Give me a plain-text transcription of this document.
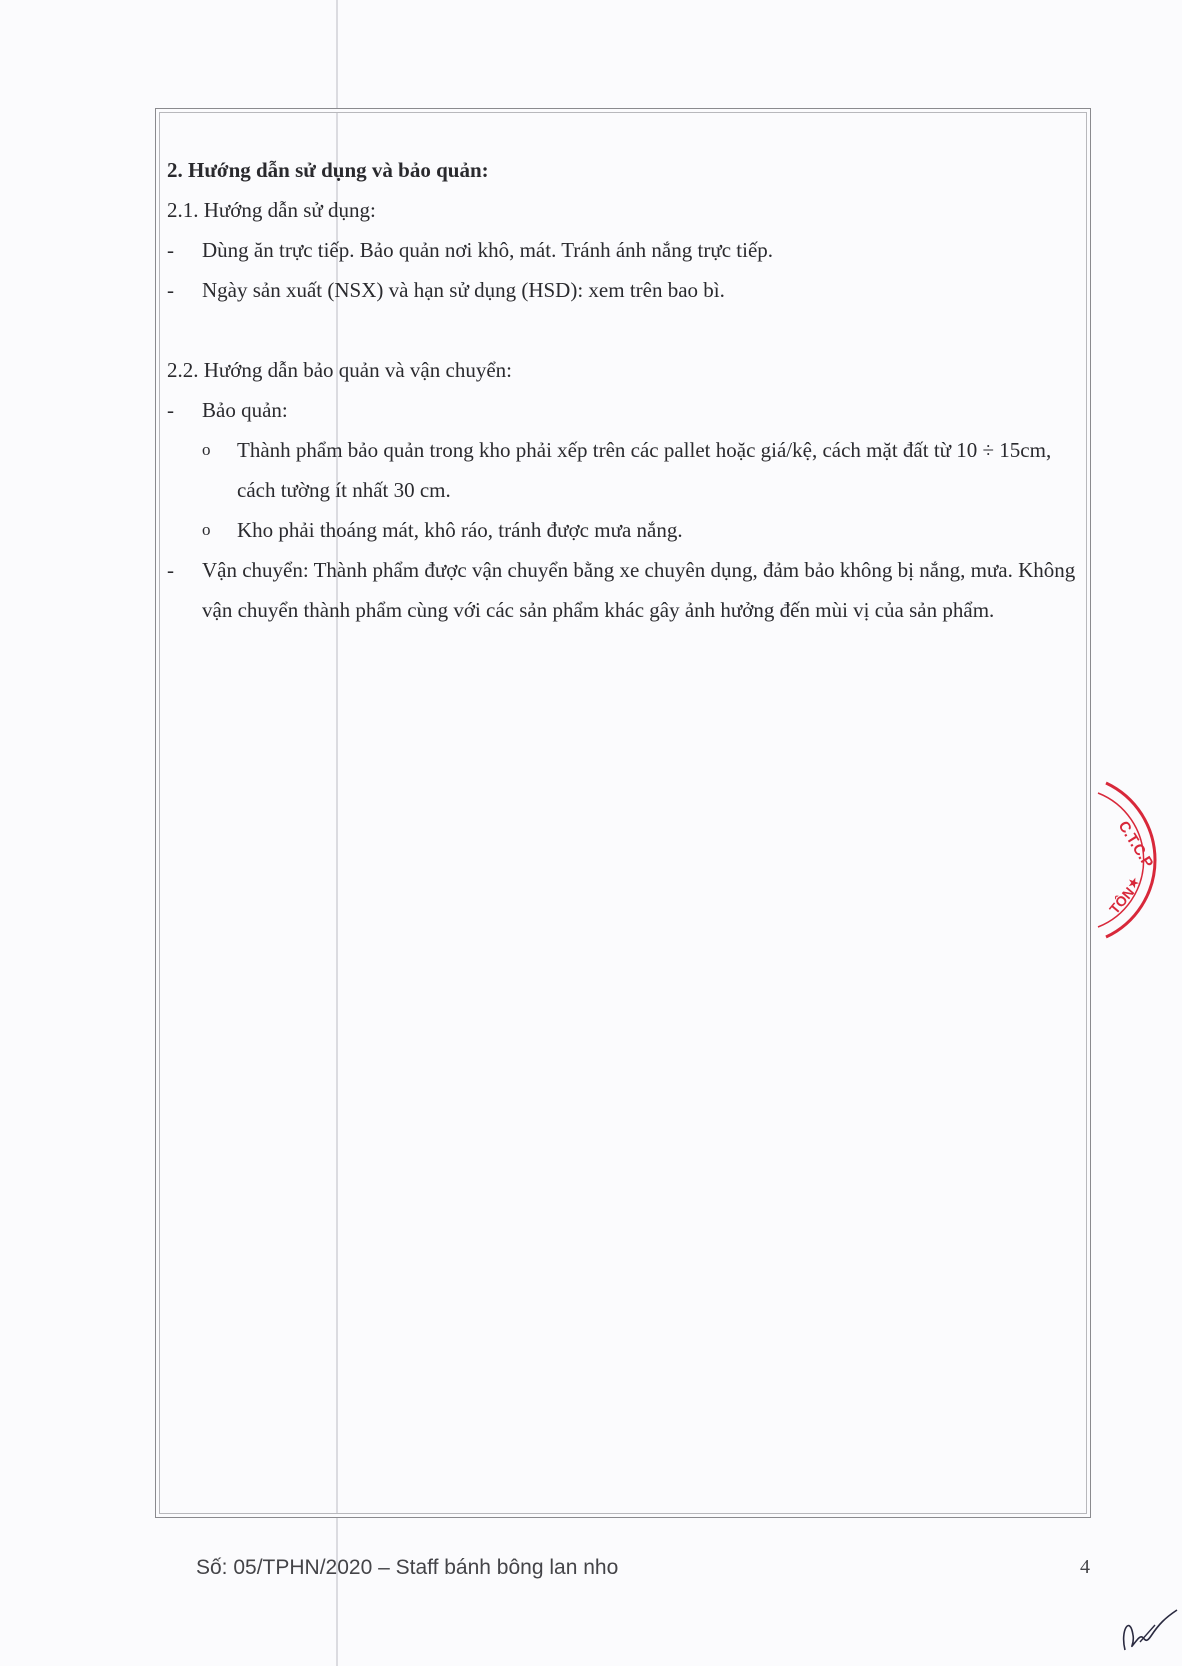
2. Hướng dẫn sử dụng và bảo quản:
2.1. Hướng dẫn sử dụng:
- Dùng ăn trực tiếp. Bảo quản nơi khô, mát. Tránh ánh nắng trực tiếp.
- Ngày sản xuất (NSX) và hạn sử dụng (HSD): xem trên bao bì.
2.2. Hướng dẫn bảo quản và vận chuyển:
- Bảo quản:
o Thành phẩm bảo quản trong kho phải xếp trên các pallet hoặc giá/kệ, cách mặt đất từ 10 ÷ 15cm, cách tường ít nhất 30 cm.
o Kho phải thoáng mát, khô ráo, tránh được mưa nắng.
- Vận chuyển: Thành phẩm được vận chuyển bằng xe chuyên dụng, đảm bảo không bị nắng, mưa. Không vận chuyển thành phẩm cùng với các sản phẩm khác gây ảnh hưởng đến mùi vị của sản phẩm.
Số: 05/TPHN/2020 – Staff bánh bông lan nho	4
C.T.C.P
★
TÔN
